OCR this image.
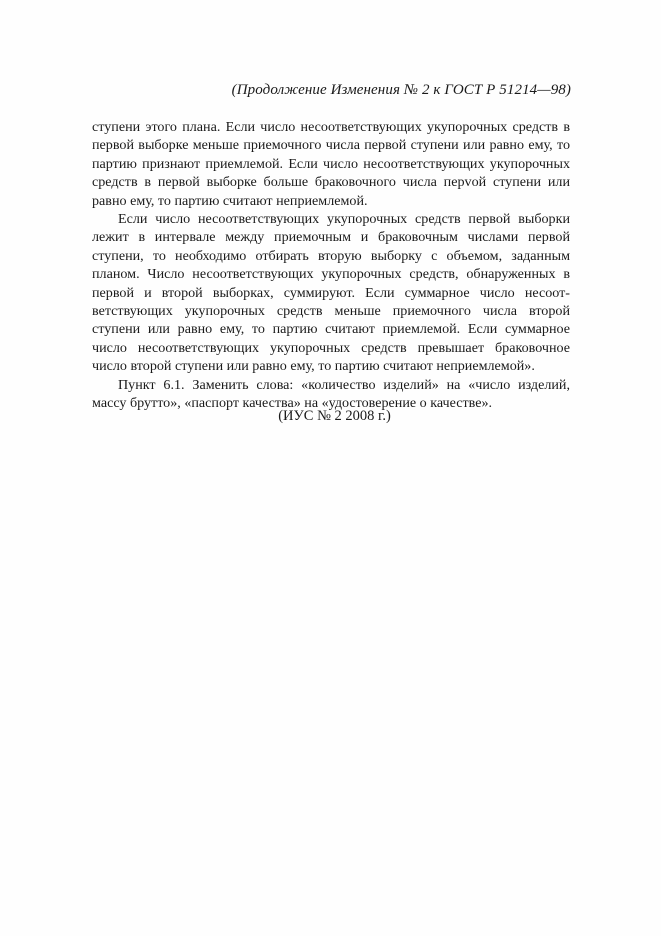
(Продолжение Изменения № 2 к ГОСТ Р 51214—98)

ступени этого плана. Если число несоответствующих укупорочных средств в первой выборке меньше приемочного числа первой ступени или равно ему, то партию признают приемлемой. Если число несоответствующих укупорочных средств в первой выборке больше браковочного числа перvой ступени или равно ему, то партию считают неприемлемой.

Если число несоответствующих укупорочных средств первой выборки лежит в интервале между приемочным и браковочным числами первой ступени, то необходимо отбирать вторую выборку с объемом, заданным планом. Число несоответствующих укупорочных средств, обнаруженных в первой и второй выборках, суммируют. Если суммарное число несоответствующих укупорочных средств меньше приемочного числа второй ступени или равно ему, то партию считают приемлемой. Если суммарное число несоответствующих укупорочных средств превышает браковочное число второй ступени или равно ему, то партию считают неприемлемой».

Пункт 6.1. Заменить слова: «количество изделий» на «число изделий, массу брутто», «паспорт качества» на «удостоверение о качестве».

(ИУС № 2 2008 г.)
